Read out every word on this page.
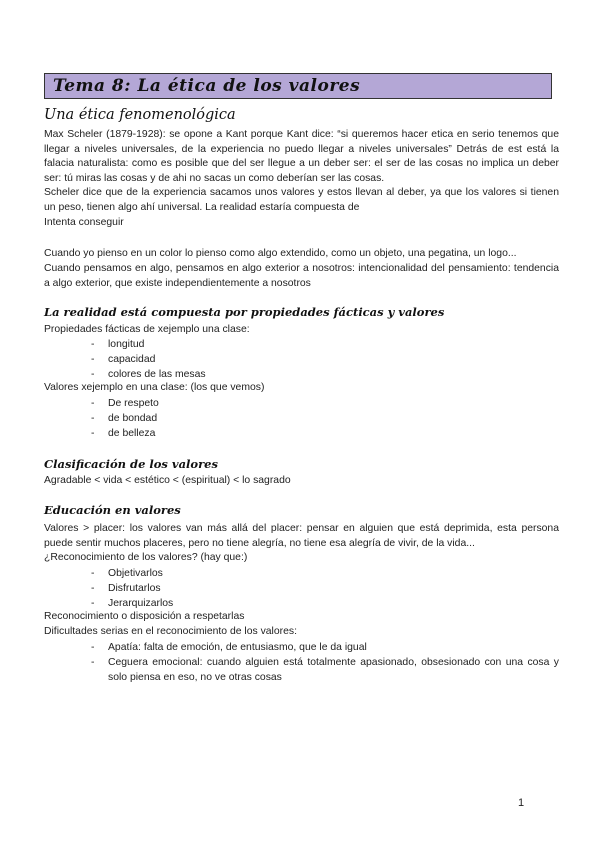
Tema 8: La ética de los valores
Una ética fenomenológica
Max Scheler (1879-1928): se opone a Kant porque Kant dice: “si queremos hacer etica en serio tenemos que llegar a niveles universales, de la experiencia no puedo llegar a niveles universales” Detrás de est está la falacia naturalista: como es posible que del ser llegue a un deber ser: el ser de las cosas no implica un deber ser: tú miras las cosas y de ahi no sacas un como deberían ser las cosas.
Scheler dice que de la experiencia sacamos unos valores y estos llevan al deber, ya que los valores si tienen un peso, tienen algo ahí universal. La realidad estaría compuesta de
Intenta conseguir
Cuando yo pienso en un color lo pienso como algo extendido, como un objeto, una pegatina, un logo...
Cuando pensamos en algo, pensamos en algo exterior a nosotros: intencionalidad del pensamiento: tendencia a algo exterior, que existe independientemente a nosotros
La realidad está compuesta por propiedades fácticas y valores
Propiedades fácticas de xejemplo una clase:
- longitud
- capacidad
- colores de las mesas
Valores xejemplo en una clase: (los que vemos)
- De respeto
- de bondad
- de belleza
Clasificación de los valores
Agradable < vida < estético < (espiritual) < lo sagrado
Educación en valores
Valores > placer: los valores van más allá del placer: pensar en alguien que está deprimida, esta persona puede sentir muchos placeres, pero no tiene alegría, no tiene esa alegría de vivir, de la vida...
¿Reconocimiento de los valores? (hay que:)
- Objetivarlos
- Disfrutarlos
- Jerarquizarlos
Reconocimiento o disposición a respetarlas
Dificultades serias en el reconocimiento de los valores:
- Apatía: falta de emoción, de entusiasmo, que le da igual
- Ceguera emocional: cuando alguien está totalmente apasionado, obsesionado con una cosa y solo piensa en eso, no ve otras cosas
1
